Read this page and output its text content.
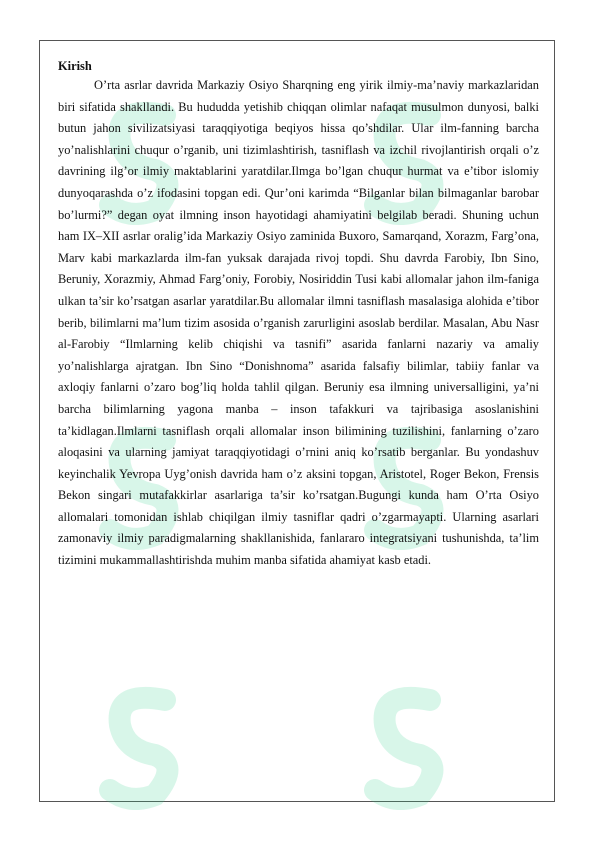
Kirish

O’rta asrlar davrida Markaziy Osiyo Sharqning eng yirik ilmiy-ma’naviy markazlaridan biri sifatida shakllandi. Bu hududda yetishib chiqqan olimlar nafaqat musulmon dunyosi, balki butun jahon sivilizatsiyasi taraqqiyotiga beqiyos hissa qo’shdilar. Ular ilm-fanning barcha yo’nalishlarini chuqur o’rganib, uni tizimlashtirish, tasniflash va izchil rivojlantirish orqali o’z davrining ilg’or ilmiy maktablarini yaratdilar.Ilmga bo’lgan chuqur hurmat va e’tibor islomiy dunyoqarashda o’z ifodasini topgan edi. Qur’oni karimda “Bilganlar bilan bilmaganlar barobar bo’lurmi?” degan oyat ilmning inson hayotidagi ahamiyatini belgilab beradi. Shuning uchun ham IX–XII asrlar oralig’ida Markaziy Osiyo zaminida Buxoro, Samarqand, Xorazm, Farg’ona, Marv kabi markazlarda ilm-fan yuksak darajada rivoj topdi. Shu davrda Farobiy, Ibn Sino, Beruniy, Xorazmiy, Ahmad Farg’oniy, Forobiy, Nosiriddin Tusi kabi allomalar jahon ilm-faniga ulkan ta’sir ko’rsatgan asarlar yaratdilar.Bu allomalar ilmni tasniflash masalasiga alohida e’tibor berib, bilimlarni ma’lum tizim asosida o’rganish zarurligini asoslab berdilar. Masalan, Abu Nasr al-Farobiy “Ilmlarning kelib chiqishi va tasnifi” asarida fanlarni nazariy va amaliy yo’nalishlarga ajratgan. Ibn Sino “Donishnoma” asarida falsafiy bilimlar, tabiiy fanlar va axloqiy fanlarni o’zaro bog’liq holda tahlil qilgan. Beruniy esa ilmning universalligini, ya’ni barcha bilimlarning yagona manba – inson tafakkuri va tajribasiga asoslanishini ta’kidlagan.Ilmlarni tasniflash orqali allomalar inson bilimining tuzilishini, fanlarning o’zaro aloqasini va ularning jamiyat taraqqiyotidagi o’rnini aniq ko’rsatib berganlar. Bu yondashuv keyinchalik Yevropa Uyg’onish davrida ham o’z aksini topgan, Aristotel, Roger Bekon, Frensis Bekon singari mutafakkirlar asarlariga ta’sir ko’rsatgan.Bugungi kunda ham O’rta Osiyo allomalari tomonidan ishlab chiqilgan ilmiy tasniflar qadri o’zgarmayapti. Ularning asarlari zamonaviy ilmiy paradigmalarning shakllanishida, fanlararo integratsiyani tushunishda, ta’lim tizimini mukammallashtirishda muhim manba sifatida ahamiyat kasb etadi.
